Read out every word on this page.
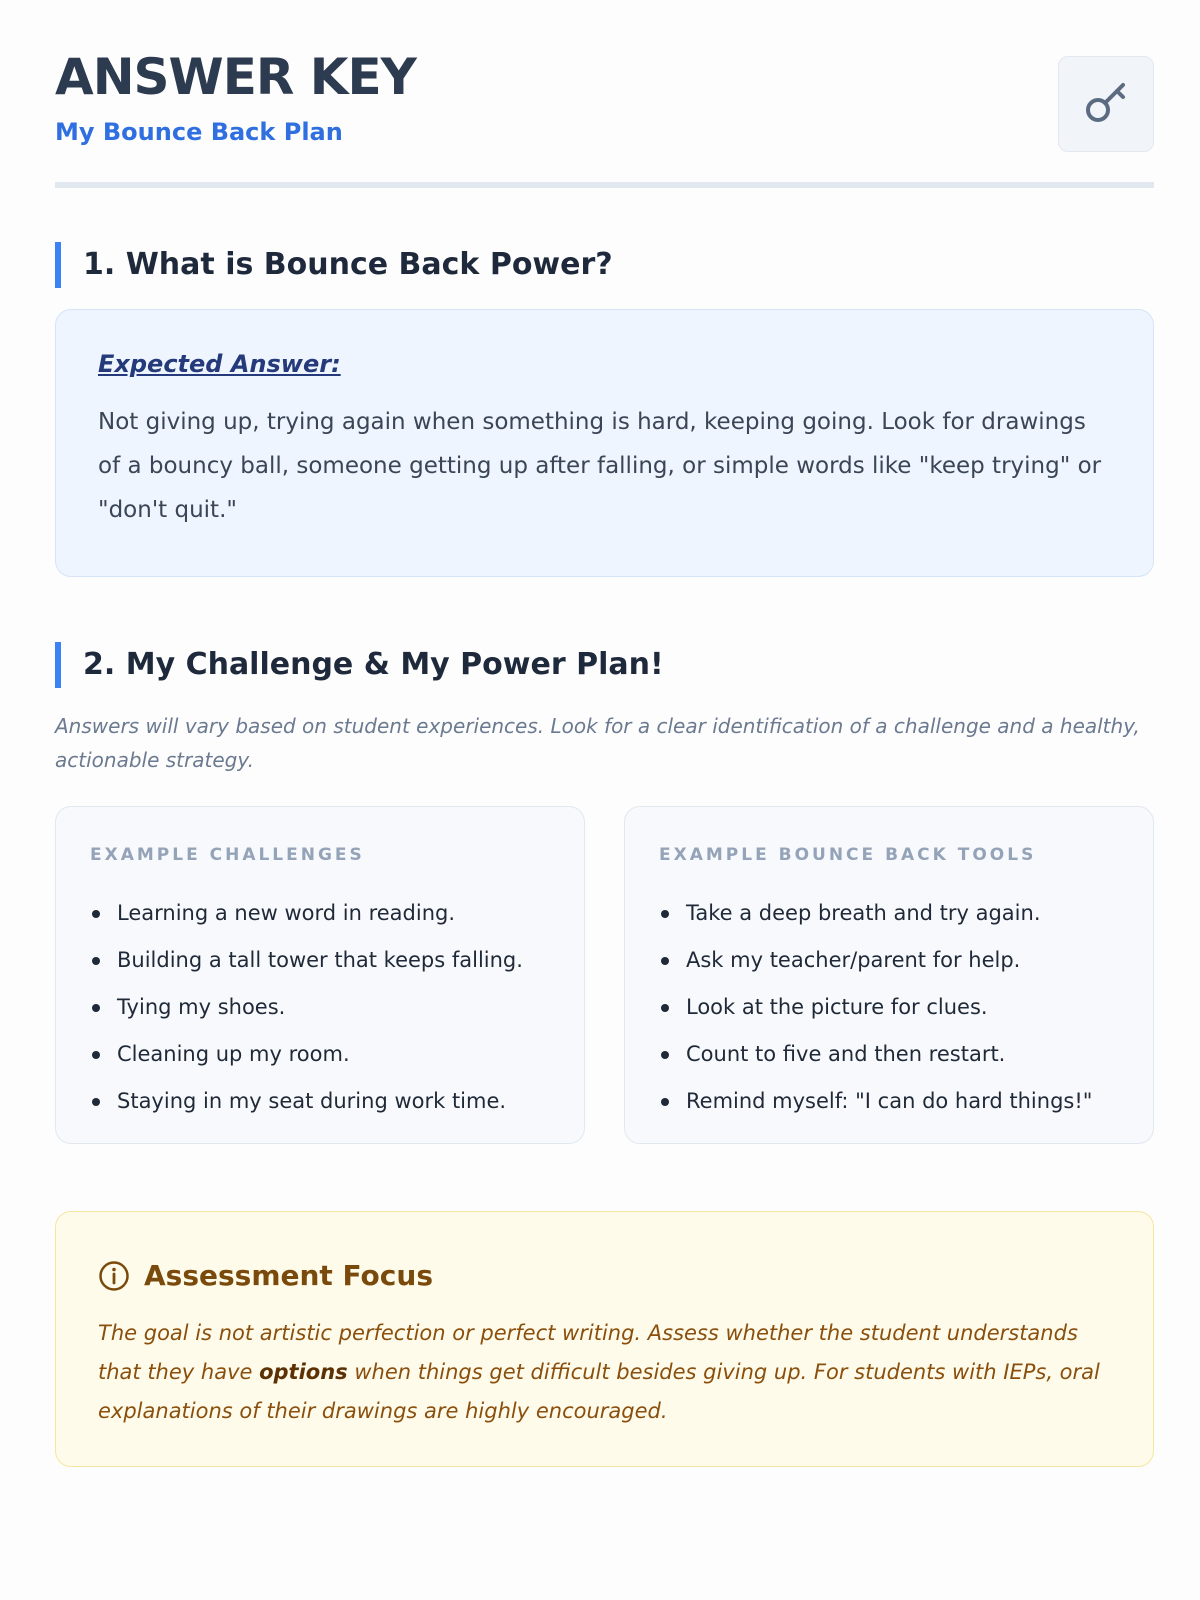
ANSWER KEY
My Bounce Back Plan
1. What is Bounce Back Power?
Expected Answer:
Not giving up, trying again when something is hard, keeping going. Look for drawings of a bouncy ball, someone getting up after falling, or simple words like "keep trying" or "don't quit."
2. My Challenge & My Power Plan!
Answers will vary based on student experiences. Look for a clear identification of a challenge and a healthy, actionable strategy.
EXAMPLE CHALLENGES
Learning a new word in reading.
Building a tall tower that keeps falling.
Tying my shoes.
Cleaning up my room.
Staying in my seat during work time.
EXAMPLE BOUNCE BACK TOOLS
Take a deep breath and try again.
Ask my teacher/parent for help.
Look at the picture for clues.
Count to five and then restart.
Remind myself: "I can do hard things!"
Assessment Focus
The goal is not artistic perfection or perfect writing. Assess whether the student understands that they have options when things get difficult besides giving up. For students with IEPs, oral explanations of their drawings are highly encouraged.
